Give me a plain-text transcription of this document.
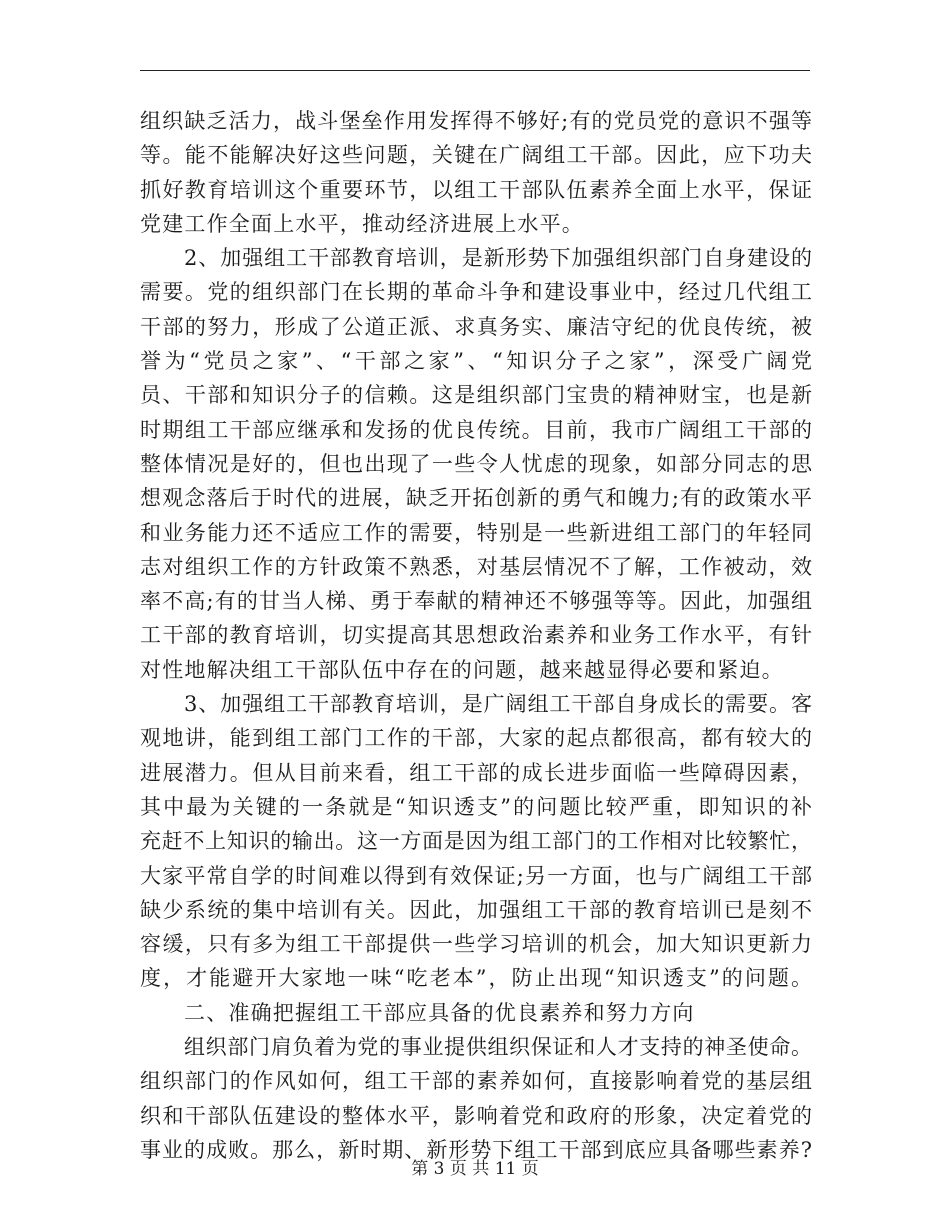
组织缺乏活力，战斗堡垒作用发挥得不够好;有的党员党的意识不强等
等。能不能解决好这些问题，关键在广阔组工干部。因此，应下功夫
抓好教育培训这个重要环节，以组工干部队伍素养全面上水平，保证
党建工作全面上水平，推动经济进展上水平。
2、加强组工干部教育培训，是新形势下加强组织部门自身建设的
需要。党的组织部门在长期的革命斗争和建设事业中，经过几代组工
干部的努力，形成了公道正派、求真务实、廉洁守纪的优良传统，被
誉为“党员之家”、“干部之家”、“知识分子之家”，深受广阔党
员、干部和知识分子的信赖。这是组织部门宝贵的精神财宝，也是新
时期组工干部应继承和发扬的优良传统。目前，我市广阔组工干部的
整体情况是好的，但也出现了一些令人忧虑的现象，如部分同志的思
想观念落后于时代的进展，缺乏开拓创新的勇气和魄力;有的政策水平
和业务能力还不适应工作的需要，特别是一些新进组工部门的年轻同
志对组织工作的方针政策不熟悉，对基层情况不了解，工作被动，效
率不高;有的甘当人梯、勇于奉献的精神还不够强等等。因此，加强组
工干部的教育培训，切实提高其思想政治素养和业务工作水平，有针
对性地解决组工干部队伍中存在的问题，越来越显得必要和紧迫。
3、加强组工干部教育培训，是广阔组工干部自身成长的需要。客
观地讲，能到组工部门工作的干部，大家的起点都很高，都有较大的
进展潜力。但从目前来看，组工干部的成长进步面临一些障碍因素，
其中最为关键的一条就是“知识透支”的问题比较严重，即知识的补
充赶不上知识的输出。这一方面是因为组工部门的工作相对比较繁忙，
大家平常自学的时间难以得到有效保证;另一方面，也与广阔组工干部
缺少系统的集中培训有关。因此，加强组工干部的教育培训已是刻不
容缓，只有多为组工干部提供一些学习培训的机会，加大知识更新力
度，才能避开大家地一味“吃老本”，防止出现“知识透支”的问题。
二、准确把握组工干部应具备的优良素养和努力方向
组织部门肩负着为党的事业提供组织保证和人才支持的神圣使命。
组织部门的作风如何，组工干部的素养如何，直接影响着党的基层组
织和干部队伍建设的整体水平，影响着党和政府的形象，决定着党的
事业的成败。那么，新时期、新形势下组工干部到底应具备哪些素养?
第 3 页 共 11 页
